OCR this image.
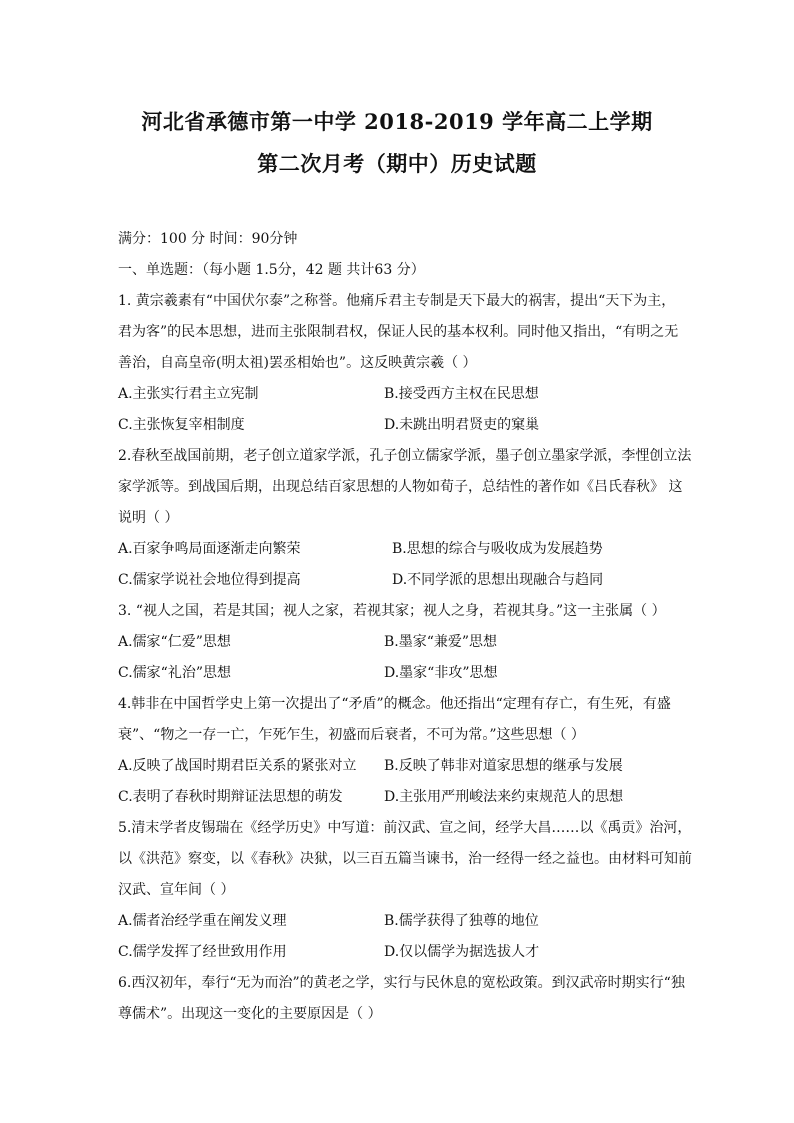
河北省承德市第一中学 2018-2019 学年高二上学期
第二次月考（期中）历史试题
满分：100 分 时间：90分钟
一、单选题：（每小题 1.5分，42 题 共计63 分）
1. 黄宗羲素有“中国伏尔泰”之称誉。他痛斥君主专制是天下最大的祸害，提出“天下为主，
君为客”的民本思想，进而主张限制君权，保证人民的基本权利。同时他又指出，“有明之无
善治，自高皇帝(明太祖)罢丞相始也”。这反映黄宗羲（ ）
A.主张实行君主立宪制	B.接受西方主权在民思想
C.主张恢复宰相制度	D.未跳出明君贤吏的窠巢
2.春秋至战国前期，老子创立道家学派，孔子创立儒家学派，墨子创立墨家学派，李悝创立法
家学派等。到战国后期，出现总结百家思想的人物如荀子，总结性的著作如《吕氏春秋》 这
说明（ ）
A.百家争鸣局面逐渐走向繁荣	B.思想的综合与吸收成为发展趋势
C.儒家学说社会地位得到提高	D.不同学派的思想出现融合与趋同
3. “视人之国，若是其国；视人之家，若视其家；视人之身，若视其身。”这一主张属（ ）
A.儒家“仁爱”思想	B.墨家“兼爱”思想
C.儒家“礼治”思想	D.墨家“非攻”思想
4.韩非在中国哲学史上第一次提出了“矛盾”的概念。他还指出“定理有存亡，有生死，有盛
衰”、“物之一存一亡，乍死乍生，初盛而后衰者，不可为常。”这些思想（ ）
A.反映了战国时期君臣关系的紧张对立 B.反映了韩非对道家思想的继承与发展
C.表明了春秋时期辩证法思想的萌发	D.主张用严刑峻法来约束规范人的思想
5.清末学者皮锡瑞在《经学历史》中写道：前汉武、宣之间，经学大昌……以《禹贡》治河，
以《洪范》察变，以《春秋》决狱，以三百五篇当谏书，治一经得一经之益也。由材料可知前
汉武、宣年间（ ）
A.儒者治经学重在阐发义理	B.儒学获得了独尊的地位
C.儒学发挥了经世致用作用	D.仅以儒学为据选拔人才
6.西汉初年，奉行“无为而治”的黄老之学，实行与民休息的宽松政策。到汉武帝时期实行“独
尊儒术”。出现这一变化的主要原因是（ ）
